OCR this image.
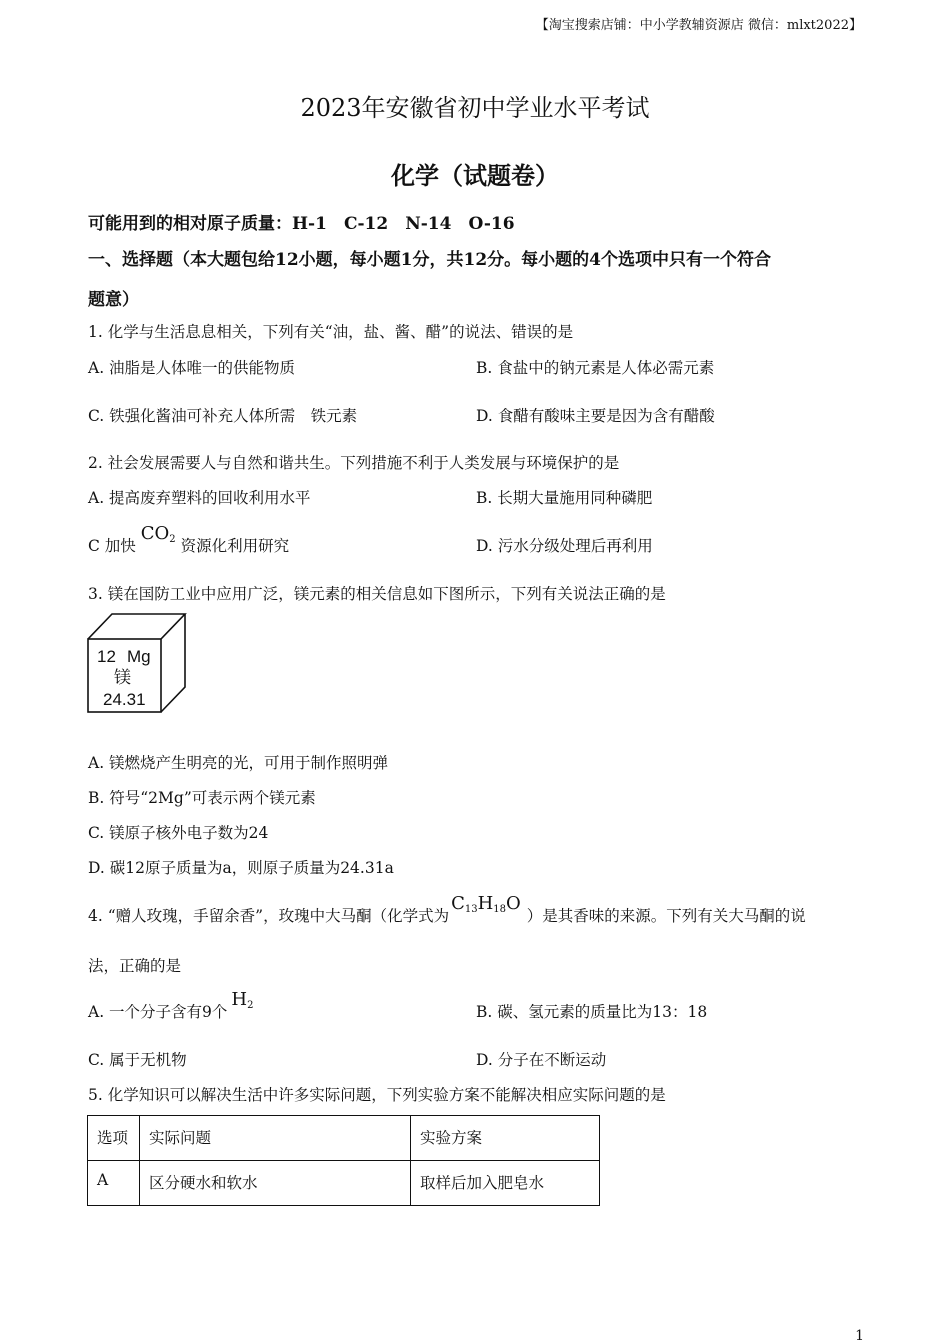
【淘宝搜索店铺：中小学教辅资源店 微信：mlxt2022】
2023年安徽省初中学业水平考试
化学（试题卷）
可能用到的相对原子质量：H-1　C-12　N-14　O-16
一、选择题（本大题包给12小题，每小题1分，共12分。每小题的4个选项中只有一个符合
题意）
1. 化学与生活息息相关，下列有关“油，盐、酱、醋”的说法、错误的是
A. 油脂是人体唯一的供能物质	B. 食盐中的钠元素是人体必需元素
C. 铁强化酱油可补充人体所需　铁元素	D. 食醋有酸味主要是因为含有醋酸
2. 社会发展需要人与自然和谐共生。下列措施不利于人类发展与环境保护的是
A. 提高废弃塑料的回收利用水平	B. 长期大量施用同种磷肥
C 加快 $CO_2$ 资源化利用研究	D. 污水分级处理后再利用
3. 镁在国防工业中应用广泛，镁元素的相关信息如下图所示，下列有关说法正确的是
12 Mg
镁
24.31
A. 镁燃烧产生明亮的光，可用于制作照明弹
B. 符号“2Mg”可表示两个镁元素
C. 镁原子核外电子数为24
D. 碳12原子质量为a，则原子质量为24.31a
4. “赠人玫瑰，手留余香”，玫瑰中大马酮（化学式为$C_{13}H_{18}O$）是其香味的来源。下列有关大马酮的说
法，正确的是
A. 一个分子含有9个$H_2$	B. 碳、氢元素的质量比为13：18
C. 属于无机物	D. 分子在不断运动
5. 化学知识可以解决生活中许多实际问题，下列实验方案不能解决相应实际问题的是
选项	实际问题	实验方案
A	区分硬水和软水	取样后加入肥皂水
1
